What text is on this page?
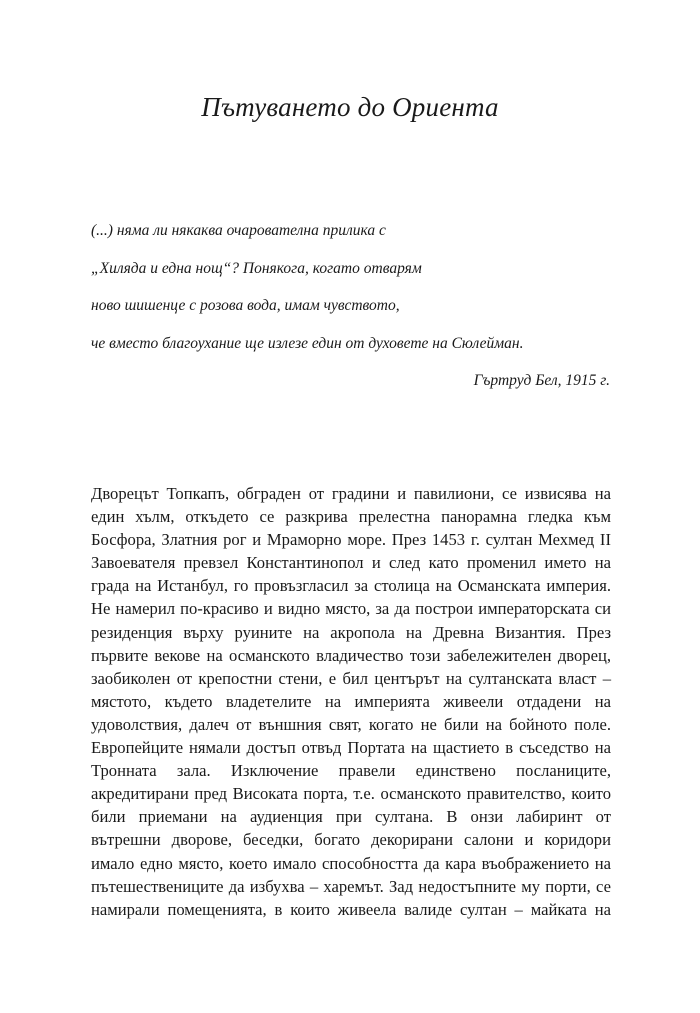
Пътуването до Ориента
(...) няма ли някаква очарователна прилика с
„Хиляда и една нощ“? Понякога, когато отварям
ново шишенце с розова вода, имам чувството,
че вместо благоухание ще излезе един от духовете на Сюлейман.

Гъртруд Бел, 1915 г.

Дворецът Топкапъ, обграден от градини и павилиони, се извисява на
един хълм, откъдето се разкрива прелестна панорамна гледка към
Босфора, Златния рог и Мраморно море. През 1453 г. султан Мехмед II
Завоевателя превзел Константинопол и след като променил името на
града на Истанбул, го провъзгласил за столица на Османската империя.
Не намерил по-красиво и видно място, за да построи императорската си
резиденция върху руините на акропола на Древна Византия. През
първите векове на османското владичество този забележителен дворец,
заобиколен от крепостни стени, е бил центърът на султанската власт –
мястото, където владетелите на империята живеели отдадени на
удоволствия, далеч от външния свят, когато не били на бойното поле.
Европейците нямали достъп отвъд Портата на щастието в съседство на
Тронната зала. Изключение правели единствено посланиците,
акредитирани пред Високата порта, т.е. османското правителство, които
били приемани на аудиенция при султана. В онзи лабиринт от
вътрешни дворове, беседки, богато декорирани салони и коридори
имало едно място, което имало способността да кара въображението на
пътешествениците да избухва – харемът. Зад недостъпните му порти, се
намирали помещенията, в които живеела валиде султан – майката на
